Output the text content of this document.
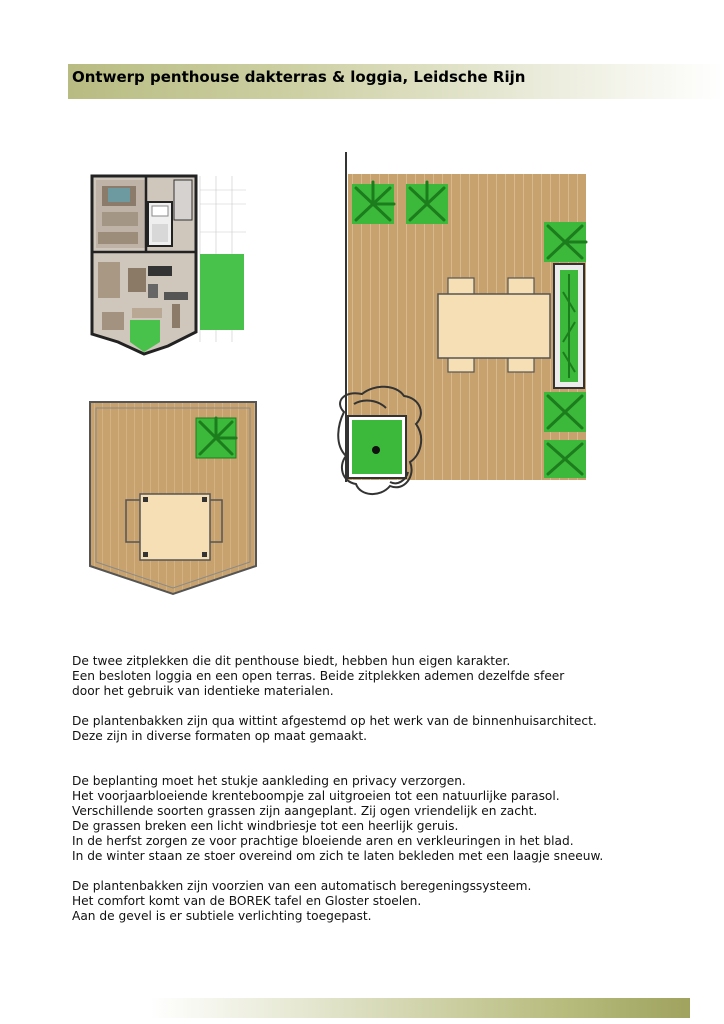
Ontwerp penthouse dakterras & loggia, Leidsche Rijn

De twee zitplekken die dit penthouse biedt, hebben hun eigen karakter.

Een besloten loggia en een open terras. Beide zitplekken ademen dezelfde sfeer

door het gebruik van identieke materialen.

De plantenbakken zijn qua wittint afgestemd op het werk van de binnenhuisarchitect.

Deze zijn in diverse formaten op maat gemaakt.

De beplanting moet het stukje aankleding en privacy verzorgen.

Het voorjaarbloeiende krenteboompje zal uitgroeien tot een natuurlijke parasol.

Verschillende soorten grassen zijn aangeplant. Zij ogen vriendelijk en zacht.

De grassen breken een licht windbriesje tot een heerlijk geruis.

In de herfst zorgen ze voor prachtige bloeiende aren en verkleuringen in het blad.

In de winter staan ze stoer overeind om zich te laten bekleden met een laagje sneeuw.

De plantenbakken zijn voorzien van een automatisch beregeningssysteem.

Het comfort komt van de BOREK tafel en Gloster stoelen.

Aan de gevel is er subtiele verlichting toegepast.
